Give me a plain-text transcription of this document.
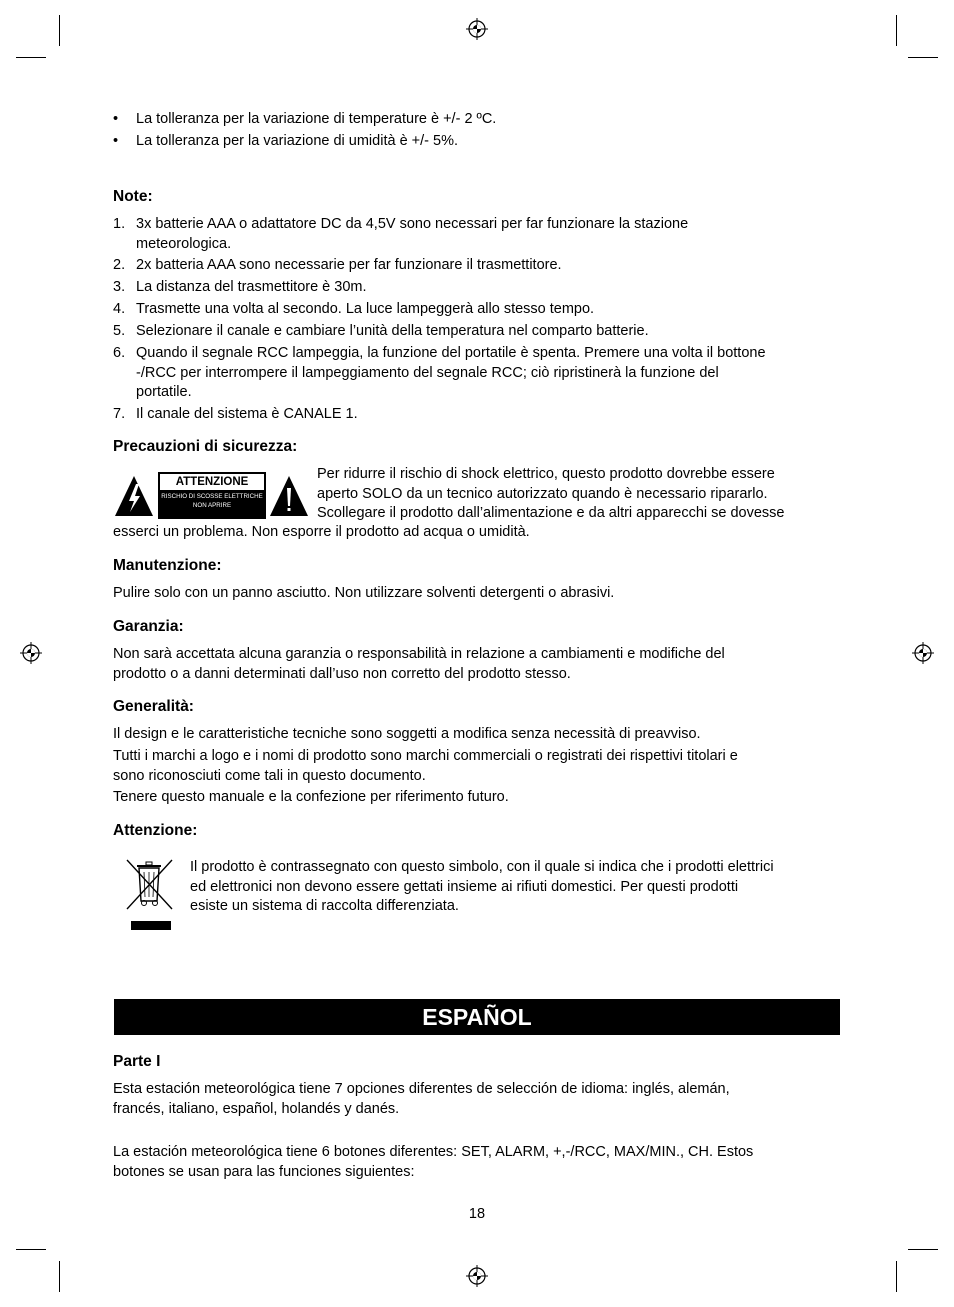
• La tolleranza per la variazione di temperature è +/- 2 ºC.
• La tolleranza per la variazione di umidità è +/- 5%.
Note:
1. 3x batterie AAA o adattatore DC da 4,5V sono necessari per far funzionare la stazione
meteorologica.
2. 2x batteria AAA sono necessarie per far funzionare il trasmettitore.
3. La distanza del trasmettitore è 30m.
4. Trasmette una volta al secondo. La luce lampeggerà allo stesso tempo.
5. Selezionare il canale e cambiare l’unità della temperatura nel comparto batterie.
6. Quando il segnale RCC lampeggia, la funzione del portatile è spenta. Premere una volta il bottone
-/RCC per interrompere il lampeggiamento del segnale RCC; ciò ripristinerà la funzione del
portatile.
7. Il canale del sistema è CANALE 1.
Precauzioni di sicurezza:
ATTENZIONE
RISCHIO DI SCOSSE ELETTRICHE
NON APRIRE
Per ridurre il rischio di shock elettrico, questo prodotto dovrebbe essere
aperto SOLO da un tecnico autorizzato quando è necessario ripararlo.
Scollegare il prodotto dall’alimentazione e da altri apparecchi se dovesse
esserci un problema. Non esporre il prodotto ad acqua o umidità.
Manutenzione:
Pulire solo con un panno asciutto. Non utilizzare solventi detergenti o abrasivi.
Garanzia:
Non sarà accettata alcuna garanzia o responsabilità in relazione a cambiamenti e modifiche del
prodotto o a danni determinati dall’uso non corretto del prodotto stesso.
Generalità:
Il design e le caratteristiche tecniche sono soggetti a modifica senza necessità di preavviso.
Tutti i marchi a logo e i nomi di prodotto sono marchi commerciali o registrati dei rispettivi titolari e
sono riconosciuti come tali in questo documento.
Tenere questo manuale e la confezione per riferimento futuro.
Attenzione:
Il prodotto è contrassegnato con questo simbolo, con il quale si indica che i prodotti elettrici
ed elettronici non devono essere gettati insieme ai rifiuti domestici. Per questi prodotti
esiste un sistema di raccolta differenziata.
ESPAÑOL
Parte I
Esta estación meteorológica tiene 7 opciones diferentes de selección de idioma: inglés, alemán,
francés, italiano, español, holandés y danés.
La estación meteorológica tiene 6 botones diferentes: SET, ALARM, +,-/RCC, MAX/MIN., CH. Estos
botones se usan para las funciones siguientes:
18
